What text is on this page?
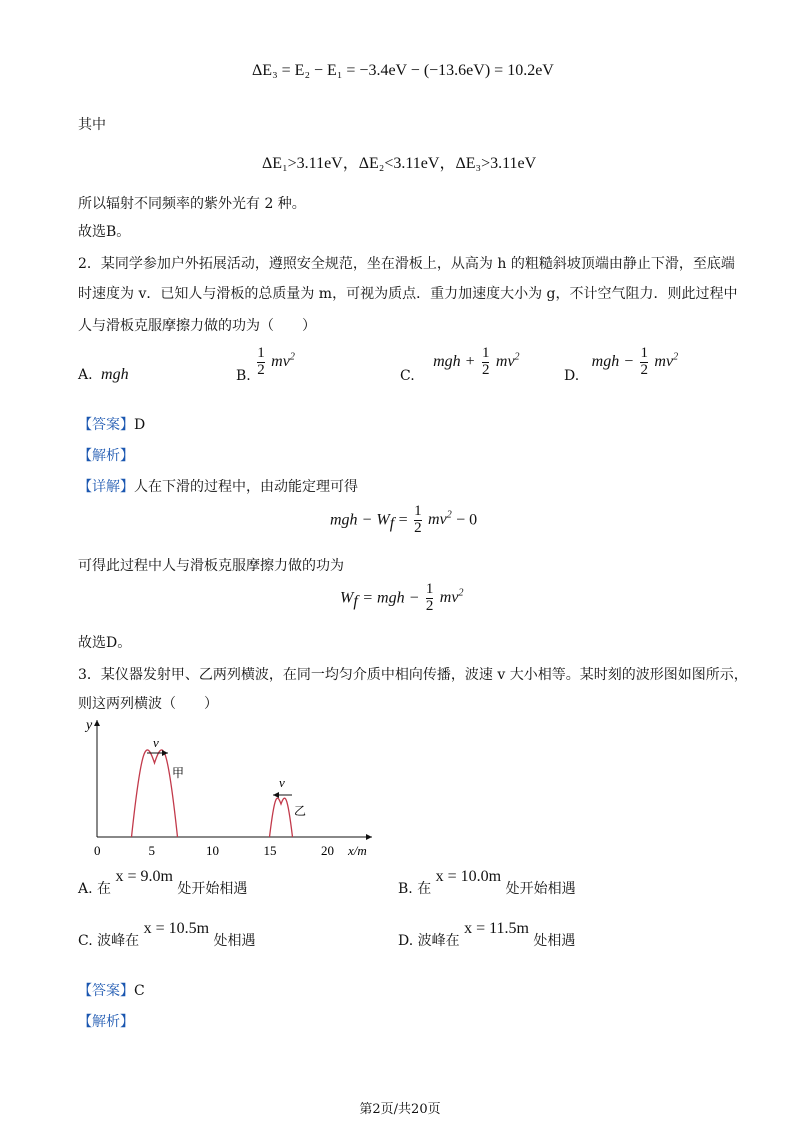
ΔE₃ = E₂ − E₁ = −3.4eV − (−13.6eV) = 10.2eV
其中
ΔE₁>3.11eV，ΔE₂<3.11eV，ΔE₃>3.11eV
所以辐射不同频率的紫外光有 2 种。
故选B。
2．某同学参加户外拓展活动，遵照安全规范，坐在滑板上，从高为 h 的粗糙斜坡顶端由静止下滑，至底端
时速度为 v．已知人与滑板的总质量为 m，可视为质点．重力加速度大小为 g，不计空气阻力．则此过程中
人与滑板克服摩擦力做的功为（　　）
A. mgh	B. $\frac{1}{2} mv^2$
C. mgh + $\frac{1}{2} mv^2$
D. mgh − $\frac{1}{2} mv^2$
【答案】D
【解析】
【详解】人在下滑的过程中，由动能定理可得
mgh − $W_f = \frac{1}{2} mv^2 - 0$
可得此过程中人与滑板克服摩擦力做的功为
$W_f$ = mgh − $\frac{1}{2} mv^2$
故选D。
3．某仪器发射甲、乙两列横波，在同一均匀介质中相向传播，波速 v 大小相等。某时刻的波形图如图所示，
则这两列横波（　　）
y
x/m
0	5	10	15	20
甲
乙
v
v
A. 在 x = 9.0m 处开始相遇	B. 在 x = 10.0m 处开始相遇
C. 波峰在 x = 10.5m 处相遇	D. 波峰在 x = 11.5m 处相遇
【答案】C
【解析】
第2页/共20页
